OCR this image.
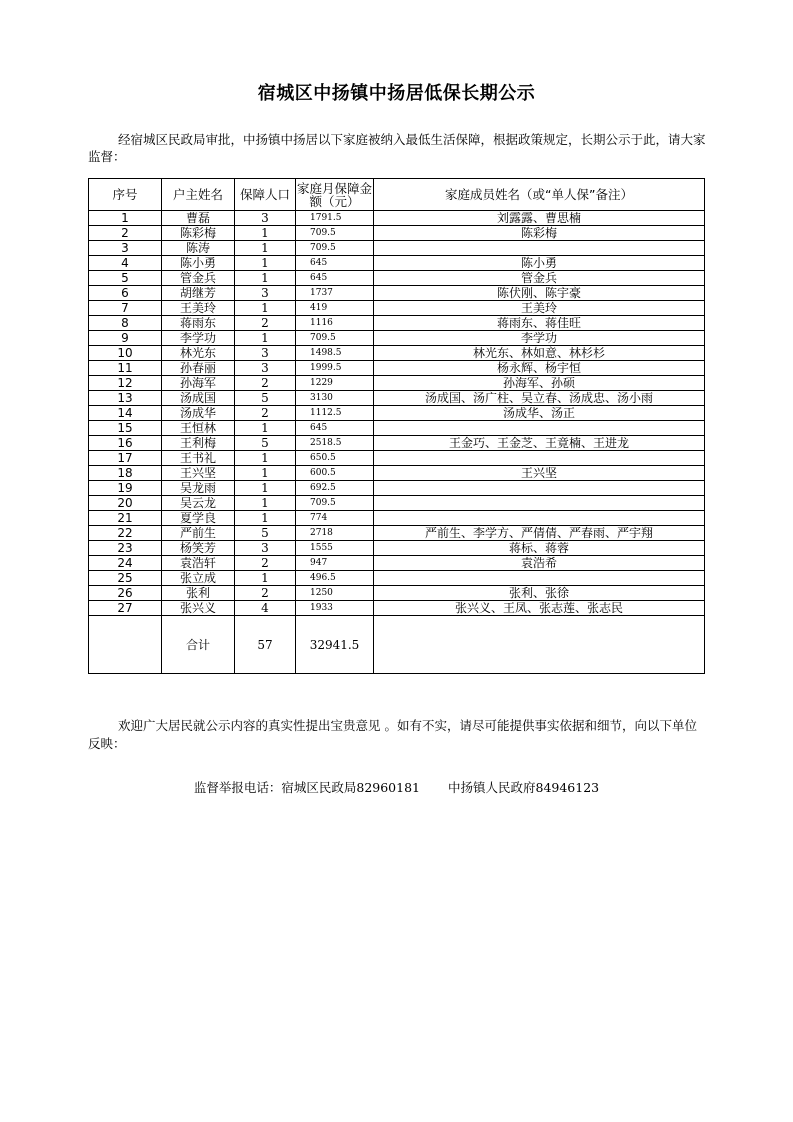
宿城区中扬镇中扬居低保长期公示
经宿城区民政局审批，中扬镇中扬居以下家庭被纳入最低生活保障，根据政策规定，长期公示于此，请大家监督：
序号	户主姓名	保障人口	家庭月保障金额（元）	家庭成员姓名（或“单人保”备注）
1	曹磊	3	1791.5	刘露露、曹思楠
2	陈彩梅	1	709.5	陈彩梅
3	陈涛	1	709.5	
4	陈小勇	1	645	陈小勇
5	管金兵	1	645	管金兵
6	胡继芳	3	1737	陈伏刚、陈宇豪
7	王美玲	1	419	王美玲
8	蒋雨东	2	1116	蒋雨东、蒋佳旺
9	李学功	1	709.5	李学功
10	林光东	3	1498.5	林光东、林如意、林杉杉
11	孙春丽	3	1999.5	杨永辉、杨宇恒
12	孙海军	2	1229	孙海军、孙硕
13	汤成国	5	3130	汤成国、汤广柱、吴立春、汤成忠、汤小雨
14	汤成华	2	1112.5	汤成华、汤正
15	王恒林	1	645	
16	王利梅	5	2518.5	王金巧、王金芝、王竟楠、王进龙
17	王书礼	1	650.5	
18	王兴坚	1	600.5	王兴坚
19	吴龙雨	1	692.5	
20	吴云龙	1	709.5	
21	夏学良	1	774	
22	严前生	5	2718	严前生、李学方、严倩倩、严春雨、严宇翔
23	杨笑芳	3	1555	蒋标、蒋蓉
24	袁浩轩	2	947	袁浩希
25	张立成	1	496.5	
26	张利	2	1250	张利、张徐
27	张兴义	4	1933	张兴义、王凤、张志莲、张志民
	合计	57	32941.5	
欢迎广大居民就公示内容的真实性提出宝贵意见 。如有不实，请尽可能提供事实依据和细节，向以下单位反映：
监督举报电话：宿城区民政局82960181 中扬镇人民政府84946123
